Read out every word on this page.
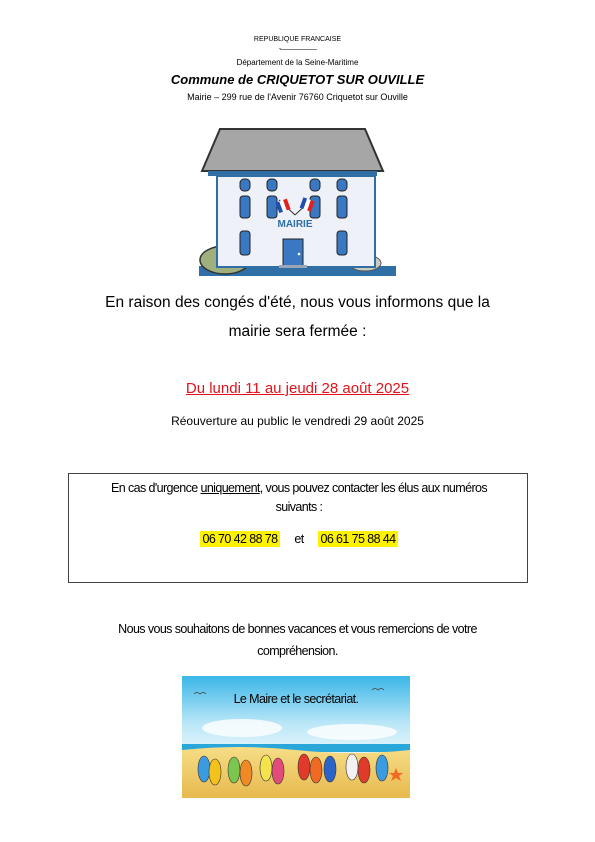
REPUBLIQUE FRANCAISE
-——————
Département de la Seine-Maritime
Commune de CRIQUETOT SUR OUVILLE
Mairie – 299 rue de l'Avenir 76760 Criquetot sur Ouville
MAIRIE
En raison des congés d'été, nous vous informons que la
mairie sera fermée :
Du lundi 11 au jeudi 28 août 2025
Réouverture au public le vendredi 29 août 2025
En cas d'urgence uniquement, vous pouvez contacter les élus aux numéros
suivants :
06 70 42 88 78 et 06 61 75 88 44
Nous vous souhaitons de bonnes vacances et vous remercions de votre
compréhension.
Le Maire et le secrétariat.
